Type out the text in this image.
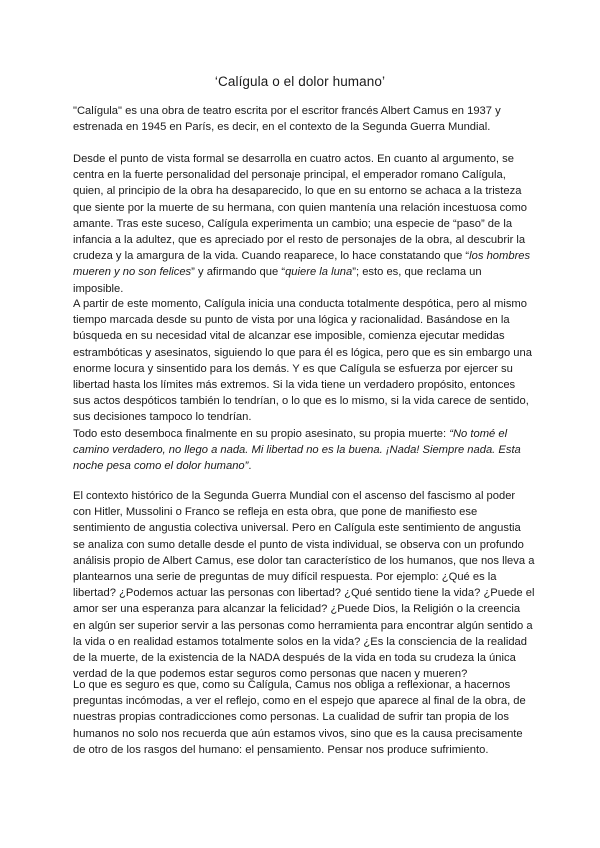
‘Calígula o el dolor humano’

"Calígula" es una obra de teatro escrita por el escritor francés Albert Camus en 1937 y estrenada en 1945 en París, es decir, en el contexto de la Segunda Guerra Mundial.

Desde el punto de vista formal se desarrolla en cuatro actos. En cuanto al argumento, se centra en la fuerte personalidad del personaje principal, el emperador romano Calígula, quien, al principio de la obra ha desaparecido, lo que en su entorno se achaca a la tristeza que siente por la muerte de su hermana, con quien mantenía una relación incestuosa como amante. Tras este suceso, Calígula experimenta un cambio; una especie de “paso” de la infancia a la adultez, que es apreciado por el resto de personajes de la obra, al descubrir la crudeza y la amargura de la vida. Cuando reaparece, lo hace constatando que “los hombres mueren y no son felices” y afirmando que “quiere la luna”; esto es, que reclama un imposible.

A partir de este momento, Calígula inicia una conducta totalmente despótica, pero al mismo tiempo marcada desde su punto de vista por una lógica y racionalidad. Basándose en la búsqueda en su necesidad vital de alcanzar ese imposible, comienza ejecutar medidas estrambóticas y asesinatos, siguiendo lo que para él es lógica, pero que es sin embargo una enorme locura y sinsentido para los demás. Y es que Calígula se esfuerza por ejercer su libertad hasta los límites más extremos. Si la vida tiene un verdadero propósito, entonces sus actos despóticos también lo tendrían, o lo que es lo mismo, si la vida carece de sentido, sus decisiones tampoco lo tendrían.

Todo esto desemboca finalmente en su propio asesinato, su propia muerte: “No tomé el camino verdadero, no llego a nada. Mi libertad no es la buena. ¡Nada! Siempre nada. Esta noche pesa como el dolor humano”.

El contexto histórico de la Segunda Guerra Mundial con el ascenso del fascismo al poder con Hitler, Mussolini o Franco se refleja en esta obra, que pone de manifiesto ese sentimiento de angustia colectiva universal. Pero en Calígula este sentimiento de angustia se analiza con sumo detalle desde el punto de vista individual, se observa con un profundo análisis propio de Albert Camus, ese dolor tan característico de los humanos, que nos lleva a plantearnos una serie de preguntas de muy difícil respuesta. Por ejemplo: ¿Qué es la libertad? ¿Podemos actuar las personas con libertad? ¿Qué sentido tiene la vida? ¿Puede el amor ser una esperanza para alcanzar la felicidad? ¿Puede Dios, la Religión o la creencia en algún ser superior servir a las personas como herramienta para encontrar algún sentido a la vida o en realidad estamos totalmente solos en la vida? ¿Es la consciencia de la realidad de la muerte, de la existencia de la NADA después de la vida en toda su crudeza la única verdad de la que podemos estar seguros como personas que nacen y mueren?

Lo que es seguro es que, como su Calígula, Camus nos obliga a reflexionar, a hacernos preguntas incómodas, a ver el reflejo, como en el espejo que aparece al final de la obra, de nuestras propias contradicciones como personas. La cualidad de sufrir tan propia de los humanos no solo nos recuerda que aún estamos vivos, sino que es la causa precisamente de otro de los rasgos del humano: el pensamiento. Pensar nos produce sufrimiento.
